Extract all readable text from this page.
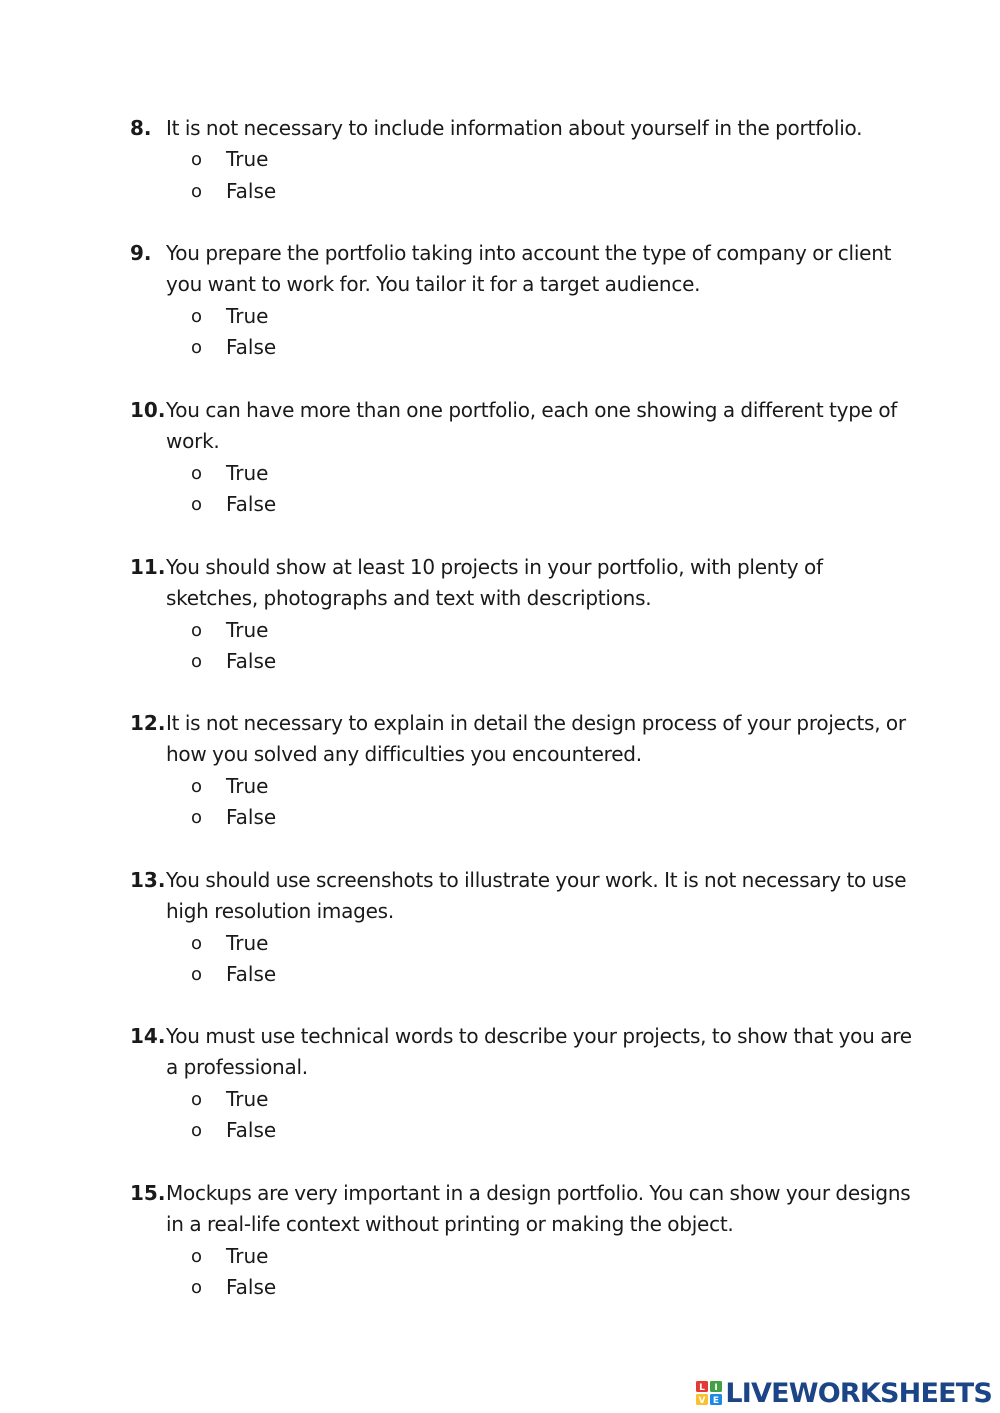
8. It is not necessary to include information about yourself in the portfolio.
o True
o False
9. You prepare the portfolio taking into account the type of company or client you want to work for. You tailor it for a target audience.
o True
o False
10. You can have more than one portfolio, each one showing a different type of work.
o True
o False
11. You should show at least 10 projects in your portfolio, with plenty of sketches, photographs and text with descriptions.
o True
o False
12. It is not necessary to explain in detail the design process of your projects, or how you solved any difficulties you encountered.
o True
o False
13. You should use screenshots to illustrate your work. It is not necessary to use high resolution images.
o True
o False
14. You must use technical words to describe your projects, to show that you are a professional.
o True
o False
15. Mockups are very important in a design portfolio. You can show your designs in a real-life context without printing or making the object.
o True
o False
L I
V E LIVEWORKSHEETS
